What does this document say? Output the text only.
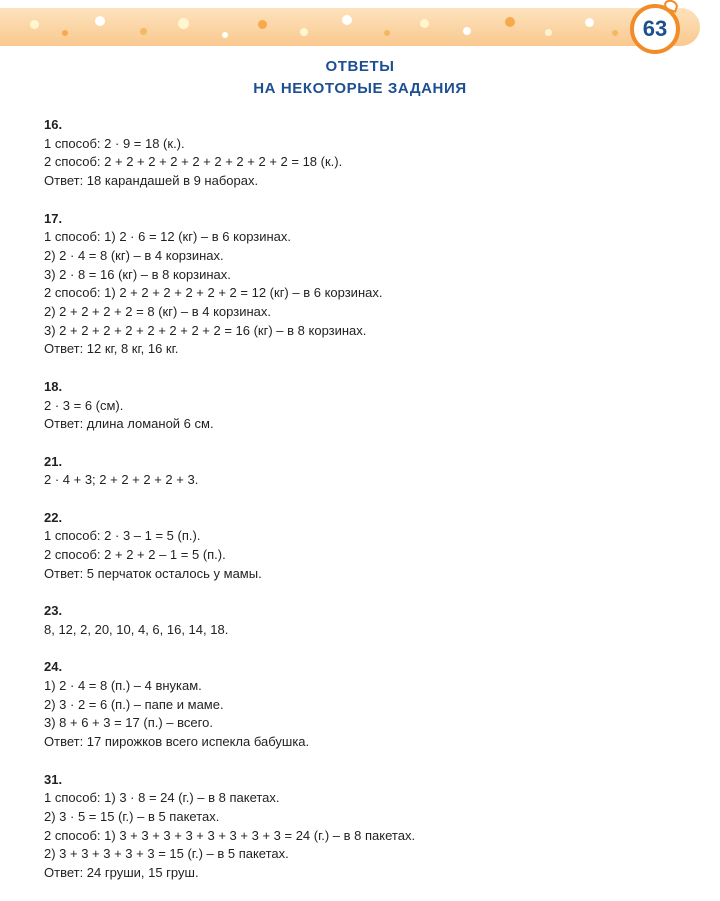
63
ОТВЕТЫ
НА НЕКОТОРЫЕ ЗАДАНИЯ
16.
1 способ: 2 · 9 = 18 (к.).
2 способ: 2 + 2 + 2 + 2 + 2 + 2 + 2 + 2 + 2 = 18 (к.).
Ответ: 18 карандашей в 9 наборах.
17.
1 способ: 1) 2 · 6 = 12 (кг) – в 6 корзинах.
2) 2 · 4 = 8 (кг) – в 4 корзинах.
3) 2 · 8 = 16 (кг) – в 8 корзинах.
2 способ: 1) 2 + 2 + 2 + 2 + 2 + 2 = 12 (кг) – в 6 корзинах.
2) 2 + 2 + 2 + 2 = 8 (кг) – в 4 корзинах.
3) 2 + 2 + 2 + 2 + 2 + 2 + 2 + 2 = 16 (кг) – в 8 корзинах.
Ответ: 12 кг, 8 кг, 16 кг.
18.
2 · 3 = 6 (см).
Ответ: длина ломаной 6 см.
21.
2 · 4 + 3; 2 + 2 + 2 + 2 + 3.
22.
1 способ: 2 · 3 – 1 = 5 (п.).
2 способ: 2 + 2 + 2 – 1 = 5 (п.).
Ответ: 5 перчаток осталось у мамы.
23.
8, 12, 2, 20, 10, 4, 6, 16, 14, 18.
24.
1) 2 · 4 = 8 (п.) – 4 внукам.
2) 3 · 2 = 6 (п.) – папе и маме.
3) 8 + 6 + 3 = 17 (п.) – всего.
Ответ: 17 пирожков всего испекла бабушка.
31.
1 способ: 1) 3 · 8 = 24 (г.) – в 8 пакетах.
2) 3 · 5 = 15 (г.) – в 5 пакетах.
2 способ: 1) 3 + 3 + 3 + 3 + 3 + 3 + 3 + 3 = 24 (г.) – в 8 пакетах.
2) 3 + 3 + 3 + 3 + 3 = 15 (г.) – в 5 пакетах.
Ответ: 24 груши, 15 груш.
